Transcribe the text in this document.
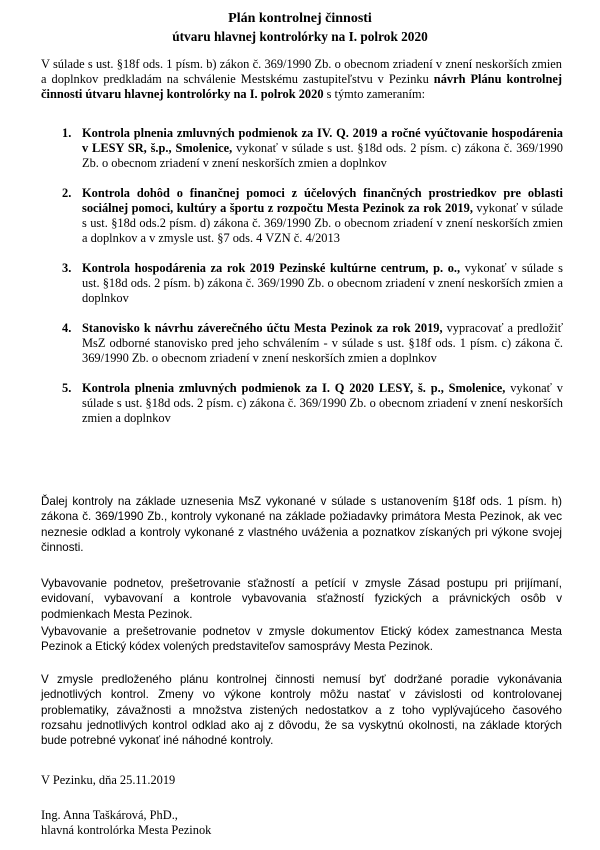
Plán kontrolnej činnosti
útvaru hlavnej kontrolórky na I. polrok 2020
V súlade s ust. §18f ods. 1 písm. b) zákon č. 369/1990 Zb. o obecnom zriadení v znení neskorších zmien a doplnkov predkladám na schválenie Mestskému zastupiteľstvu v Pezinku návrh Plánu kontrolnej činnosti útvaru hlavnej kontrolórky na I. polrok 2020 s týmto zameraním:
1. Kontrola plnenia zmluvných podmienok za IV. Q. 2019 a ročné vyúčtovanie hospodárenia v LESY SR, š.p., Smolenice, vykonať v súlade s ust. §18d ods. 2 písm. c) zákona č. 369/1990 Zb. o obecnom zriadení v znení neskorších zmien a doplnkov
2. Kontrola dohôd o finančnej pomoci z účelových finančných prostriedkov pre oblasti sociálnej pomoci, kultúry a športu z rozpočtu Mesta Pezinok za rok 2019, vykonať v súlade s ust. §18d ods.2 písm. d) zákona č. 369/1990 Zb. o obecnom zriadení v znení neskorších zmien a doplnkov a v zmysle ust. §7 ods. 4 VZN č. 4/2013
3. Kontrola hospodárenia za rok 2019 Pezinské kultúrne centrum, p. o., vykonať v súlade s ust. §18d ods. 2 písm. b) zákona č. 369/1990 Zb. o obecnom zriadení v znení neskorších zmien a doplnkov
4. Stanovisko k návrhu záverečného účtu Mesta Pezinok za rok 2019, vypracovať a predložiť MsZ odborné stanovisko pred jeho schválením - v súlade s ust. §18f ods. 1 písm. c) zákona č. 369/1990 Zb. o obecnom zriadení v znení neskorších zmien a doplnkov
5. Kontrola plnenia zmluvných podmienok za I. Q 2020 LESY, š. p., Smolenice, vykonať v súlade s ust. §18d ods. 2 písm. c) zákona č. 369/1990 Zb. o obecnom zriadení v znení neskorších zmien a doplnkov
Ďalej kontroly na základe uznesenia MsZ vykonané v súlade s ustanovením §18f ods. 1 písm. h) zákona č. 369/1990 Zb., kontroly vykonané na základe požiadavky primátora Mesta Pezinok, ak vec neznesie odklad a kontroly vykonané z vlastného uváženia a poznatkov získaných pri výkone svojej činnosti.
Vybavovanie podnetov, prešetrovanie sťažností a petícií v zmysle Zásad postupu pri prijímaní, evidovaní, vybavovaní a kontrole vybavovania sťažností fyzických a právnických osôb v podmienkach Mesta Pezinok.
Vybavovanie a prešetrovanie podnetov v zmysle dokumentov Etický kódex zamestnanca Mesta Pezinok a Etický kódex volených predstaviteľov samosprávy Mesta Pezinok.
V zmysle predloženého plánu kontrolnej činnosti nemusí byť dodržané poradie vykonávania jednotlivých kontrol. Zmeny vo výkone kontroly môžu nastať v závislosti od kontrolovanej problematiky, závažnosti a množstva zistených nedostatkov a z toho vyplývajúceho časového rozsahu jednotlivých kontrol odklad ako aj z dôvodu, že sa vyskytnú okolnosti, na základe ktorých bude potrebné vykonať iné náhodné kontroly.
V Pezinku, dňa 25.11.2019
Ing. Anna Taškárová, PhD.,
hlavná kontrolórka Mesta Pezinok
